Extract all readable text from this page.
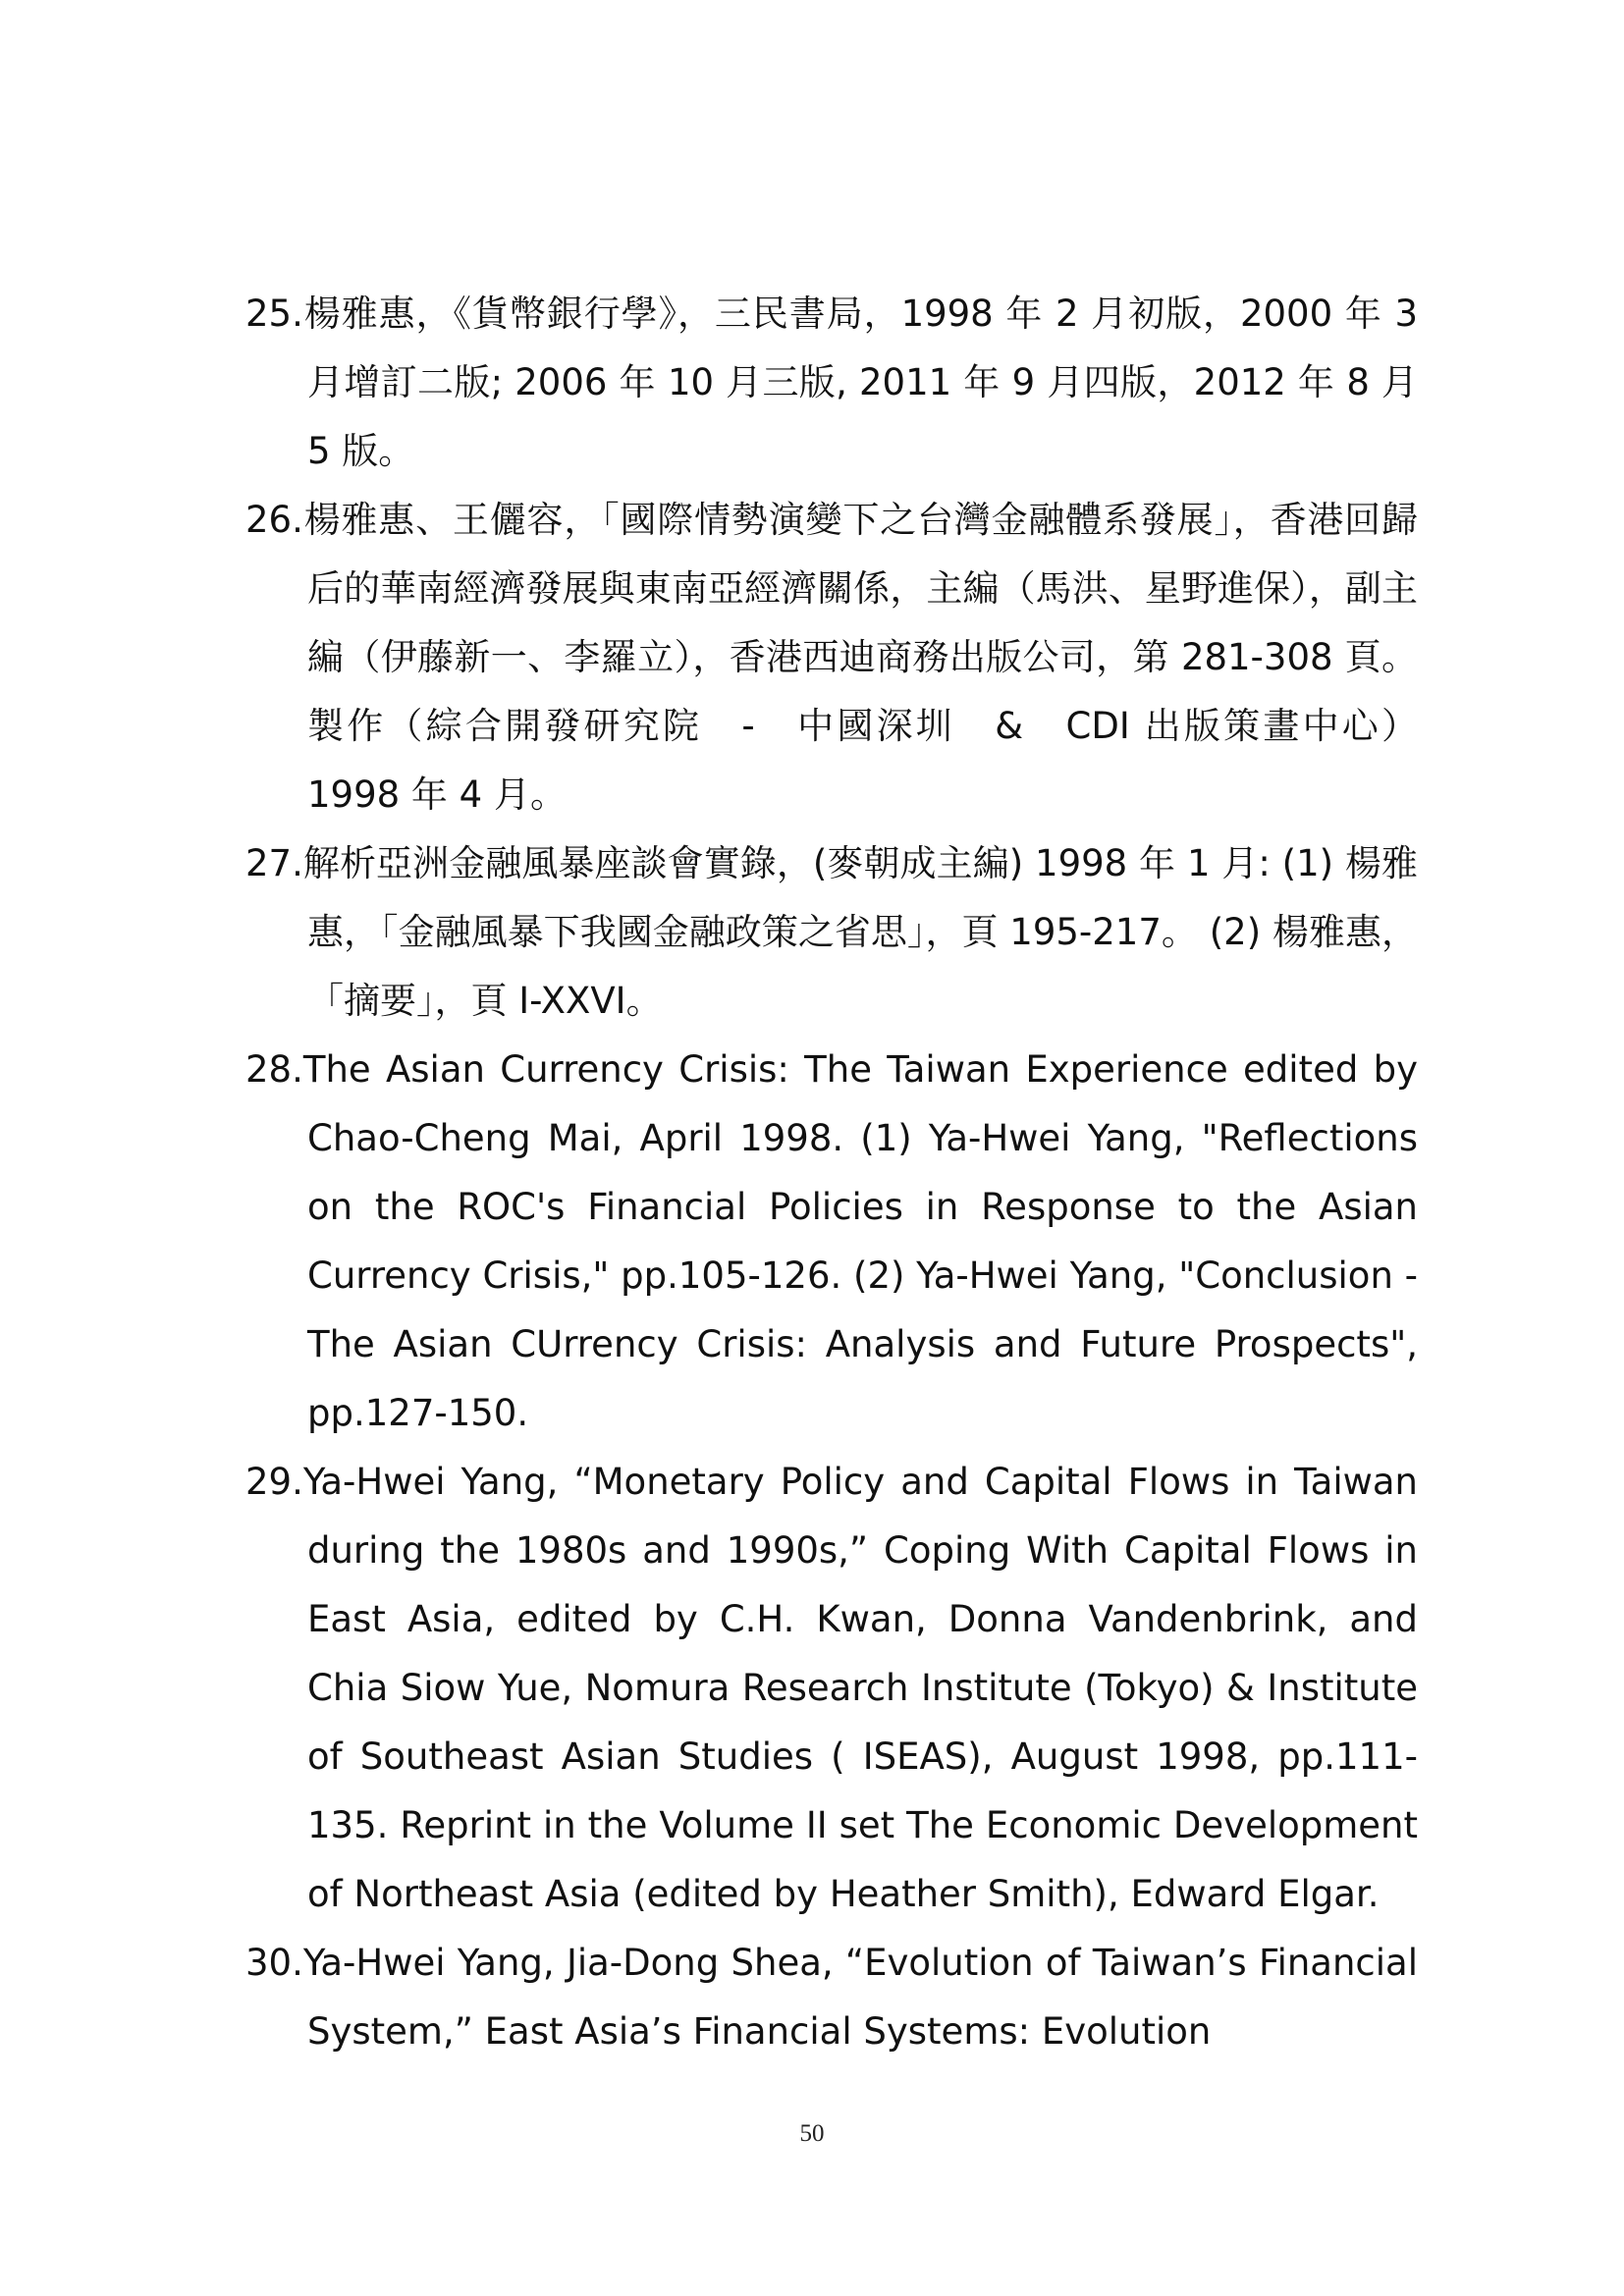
25.楊雅惠，《貨幣銀行學》，三民書局，1998 年 2 月初版，2000 年 3 月增訂二版; 2006 年 10 月三版, 2011 年 9 月四版，2012 年 8 月 5 版。
26.楊雅惠、王儷容，「國際情勢演變下之台灣金融體系發展」，香港回歸后的華南經濟發展與東南亞經濟關係，主編（馬洪、星野進保），副主編（伊藤新一、李羅立），香港西迪商務出版公司，第 281-308 頁。製作（綜合開發研究院　-　中國深圳　&　CDI 出版策畫中心）1998 年 4 月。
27.解析亞洲金融風暴座談會實錄，(麥朝成主編) 1998 年 1 月: (1) 楊雅惠，「金融風暴下我國金融政策之省思」，頁 195-217。 (2) 楊雅惠，「摘要」，頁 I-XXVI。
28.The Asian Currency Crisis: The Taiwan Experience edited by Chao-Cheng Mai, April 1998. (1) Ya-Hwei Yang, "Reflections on the ROC's Financial Policies in Response to the Asian Currency Crisis," pp.105-126. (2) Ya-Hwei Yang, "Conclusion - The Asian CUrrency Crisis: Analysis and Future Prospects", pp.127-150.
29.Ya-Hwei Yang, “Monetary Policy and Capital Flows in Taiwan during the 1980s and 1990s,” Coping With Capital Flows in East Asia, edited by C.H. Kwan, Donna Vandenbrink, and Chia Siow Yue, Nomura Research Institute (Tokyo) & Institute of Southeast Asian Studies ( ISEAS), August 1998, pp.111-135. Reprint in the Volume II set The Economic Development of Northeast Asia (edited by Heather Smith), Edward Elgar.
30.Ya-Hwei Yang, Jia-Dong Shea, “Evolution of Taiwan’s Financial System,” East Asia’s Financial Systems: Evolution
50
